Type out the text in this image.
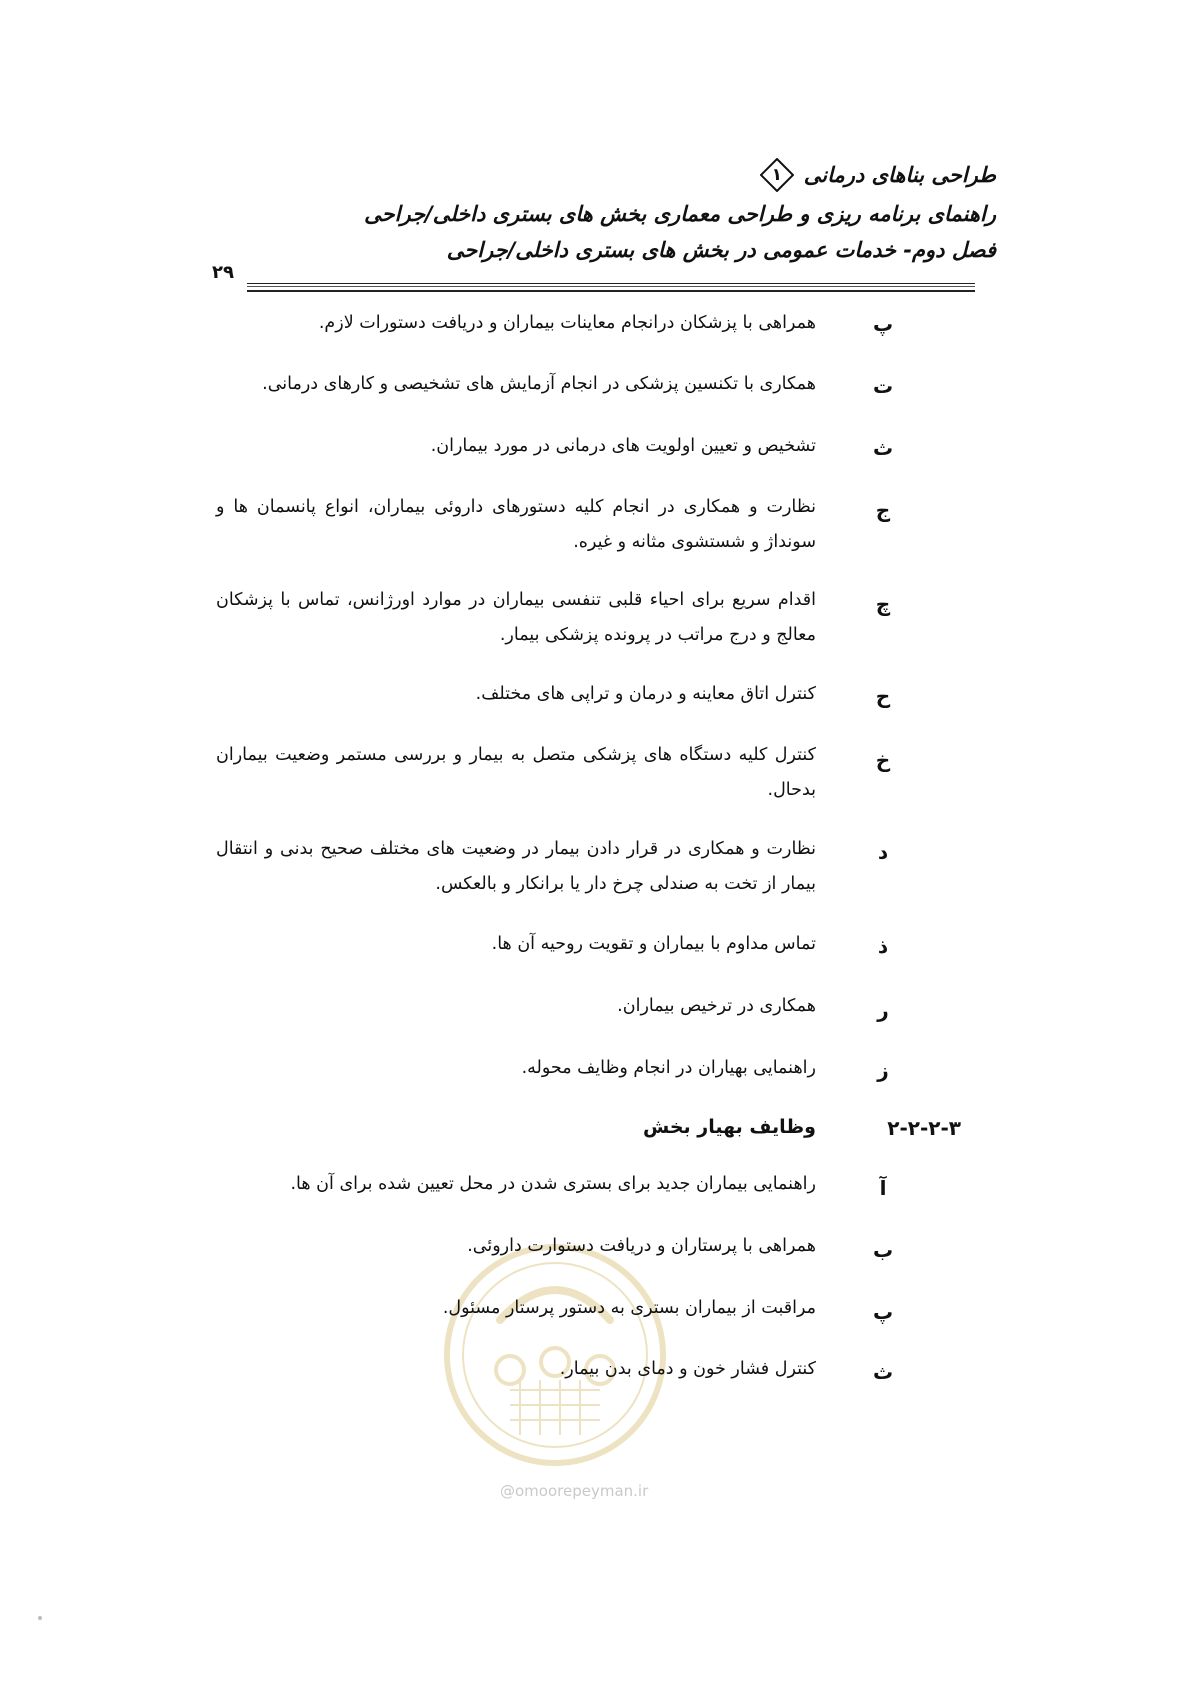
طراحی بناهای درمانی
۱
راهنمای برنامه ریزی و طراحی معماری بخش های بستری داخلی/جراحی
فصل دوم- خدمات عمومی در بخش های بستری داخلی/جراحی
۲۹
پ
همراهی با پزشکان درانجام معاینات بیماران و دریافت دستورات لازم.
ت
همکاری با تکنسین پزشکی در انجام آزمایش های تشخیصی و کارهای درمانی.
ث
تشخیص و تعیین اولویت های درمانی در مورد بیماران.
ج
نظارت و همکاری در انجام کلیه دستورهای داروئی بیماران، انواع پانسمان ها و سونداژ و شستشوی مثانه و غیره.
چ
اقدام سریع برای احیاء قلبی تنفسی بیماران در موارد اورژانس، تماس با پزشکان معالج و درج مراتب در پرونده پزشکی بیمار.
ح
کنترل اتاق معاینه و درمان و تراپی های مختلف.
خ
کنترل کلیه دستگاه های پزشکی متصل به بیمار و بررسی مستمر وضعیت بیماران بدحال.
د
نظارت و همکاری در قرار دادن بیمار در وضعیت های مختلف صحیح بدنی و انتقال بیمار از تخت به صندلی چرخ دار یا برانکار و بالعکس.
ذ
تماس مداوم با بیماران و تقویت روحیه آن ها.
ر
همکاری در ترخیص بیماران.
ز
راهنمایی بهیاران در انجام وظایف محوله.
۲-۲-۲-۳
وظایف بهیار بخش
@omoorepeyman.ir
آ
راهنمایی بیماران جدید برای بستری شدن در محل تعیین شده برای آن ها.
ب
همراهی با پرستاران و دریافت دستوارت داروئی.
پ
مراقبت از بیماران بستری به دستور پرستار مسئول.
ث
کنترل فشار خون و دمای بدن بیمار.
